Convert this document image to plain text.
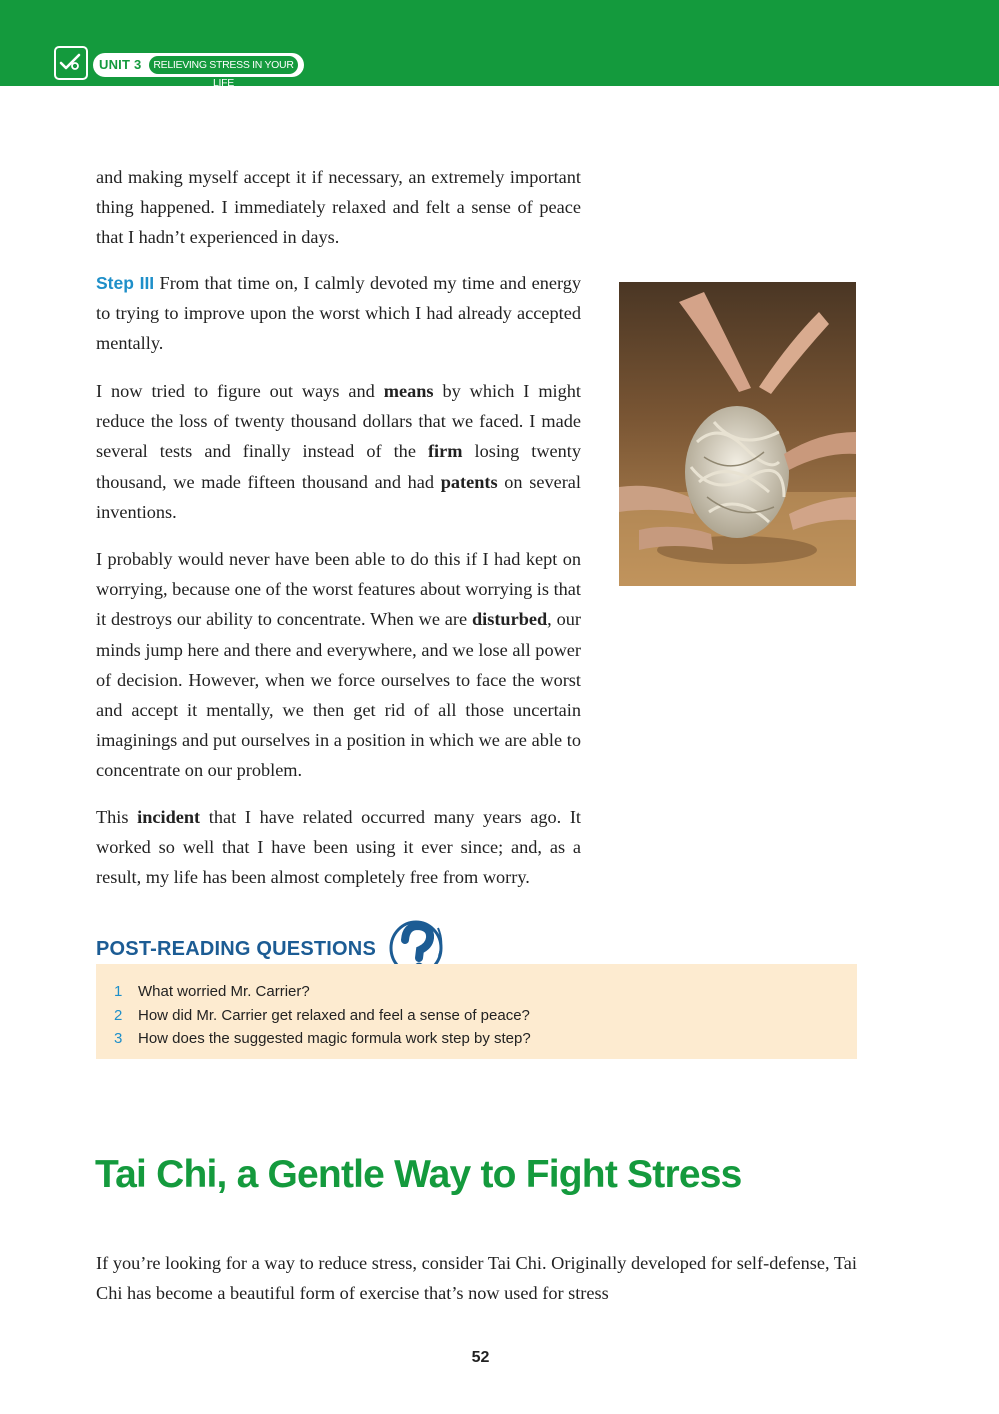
UNIT 3	RELIEVING STRESS IN YOUR LIFE

and making myself accept it if necessary, an extremely important thing happened. I immediately relaxed and felt a sense of peace that I hadn’t experienced in days.

Step III From that time on, I calmly devoted my time and energy to trying to improve upon the worst which I had already accepted mentally.

I now tried to figure out ways and means by which I might reduce the loss of twenty thousand dollars that we faced. I made several tests and finally instead of the firm losing twenty thousand, we made fifteen thousand and had patents on several inventions.

I probably would never have been able to do this if I had kept on worrying, because one of the worst features about worrying is that it destroys our ability to concentrate. When we are disturbed, our minds jump here and there and everywhere, and we lose all power of decision. However, when we force ourselves to face the worst and accept it mentally, we then get rid of all those uncertain imaginings and put ourselves in a position in which we are able to concentrate on our problem.

This incident that I have related occurred many years ago. It worked so well that I have been using it ever since; and, as a result, my life has been almost completely free from worry.

POST-READING QUESTIONS
1 What worried Mr. Carrier?
2 How did Mr. Carrier get relaxed and feel a sense of peace?
3 How does the suggested magic formula work step by step?
Tai Chi, a Gentle Way to Fight Stress

If you’re looking for a way to reduce stress, consider Tai Chi. Originally developed for self-defense, Tai Chi has become a beautiful form of exercise that’s now used for stress

52
